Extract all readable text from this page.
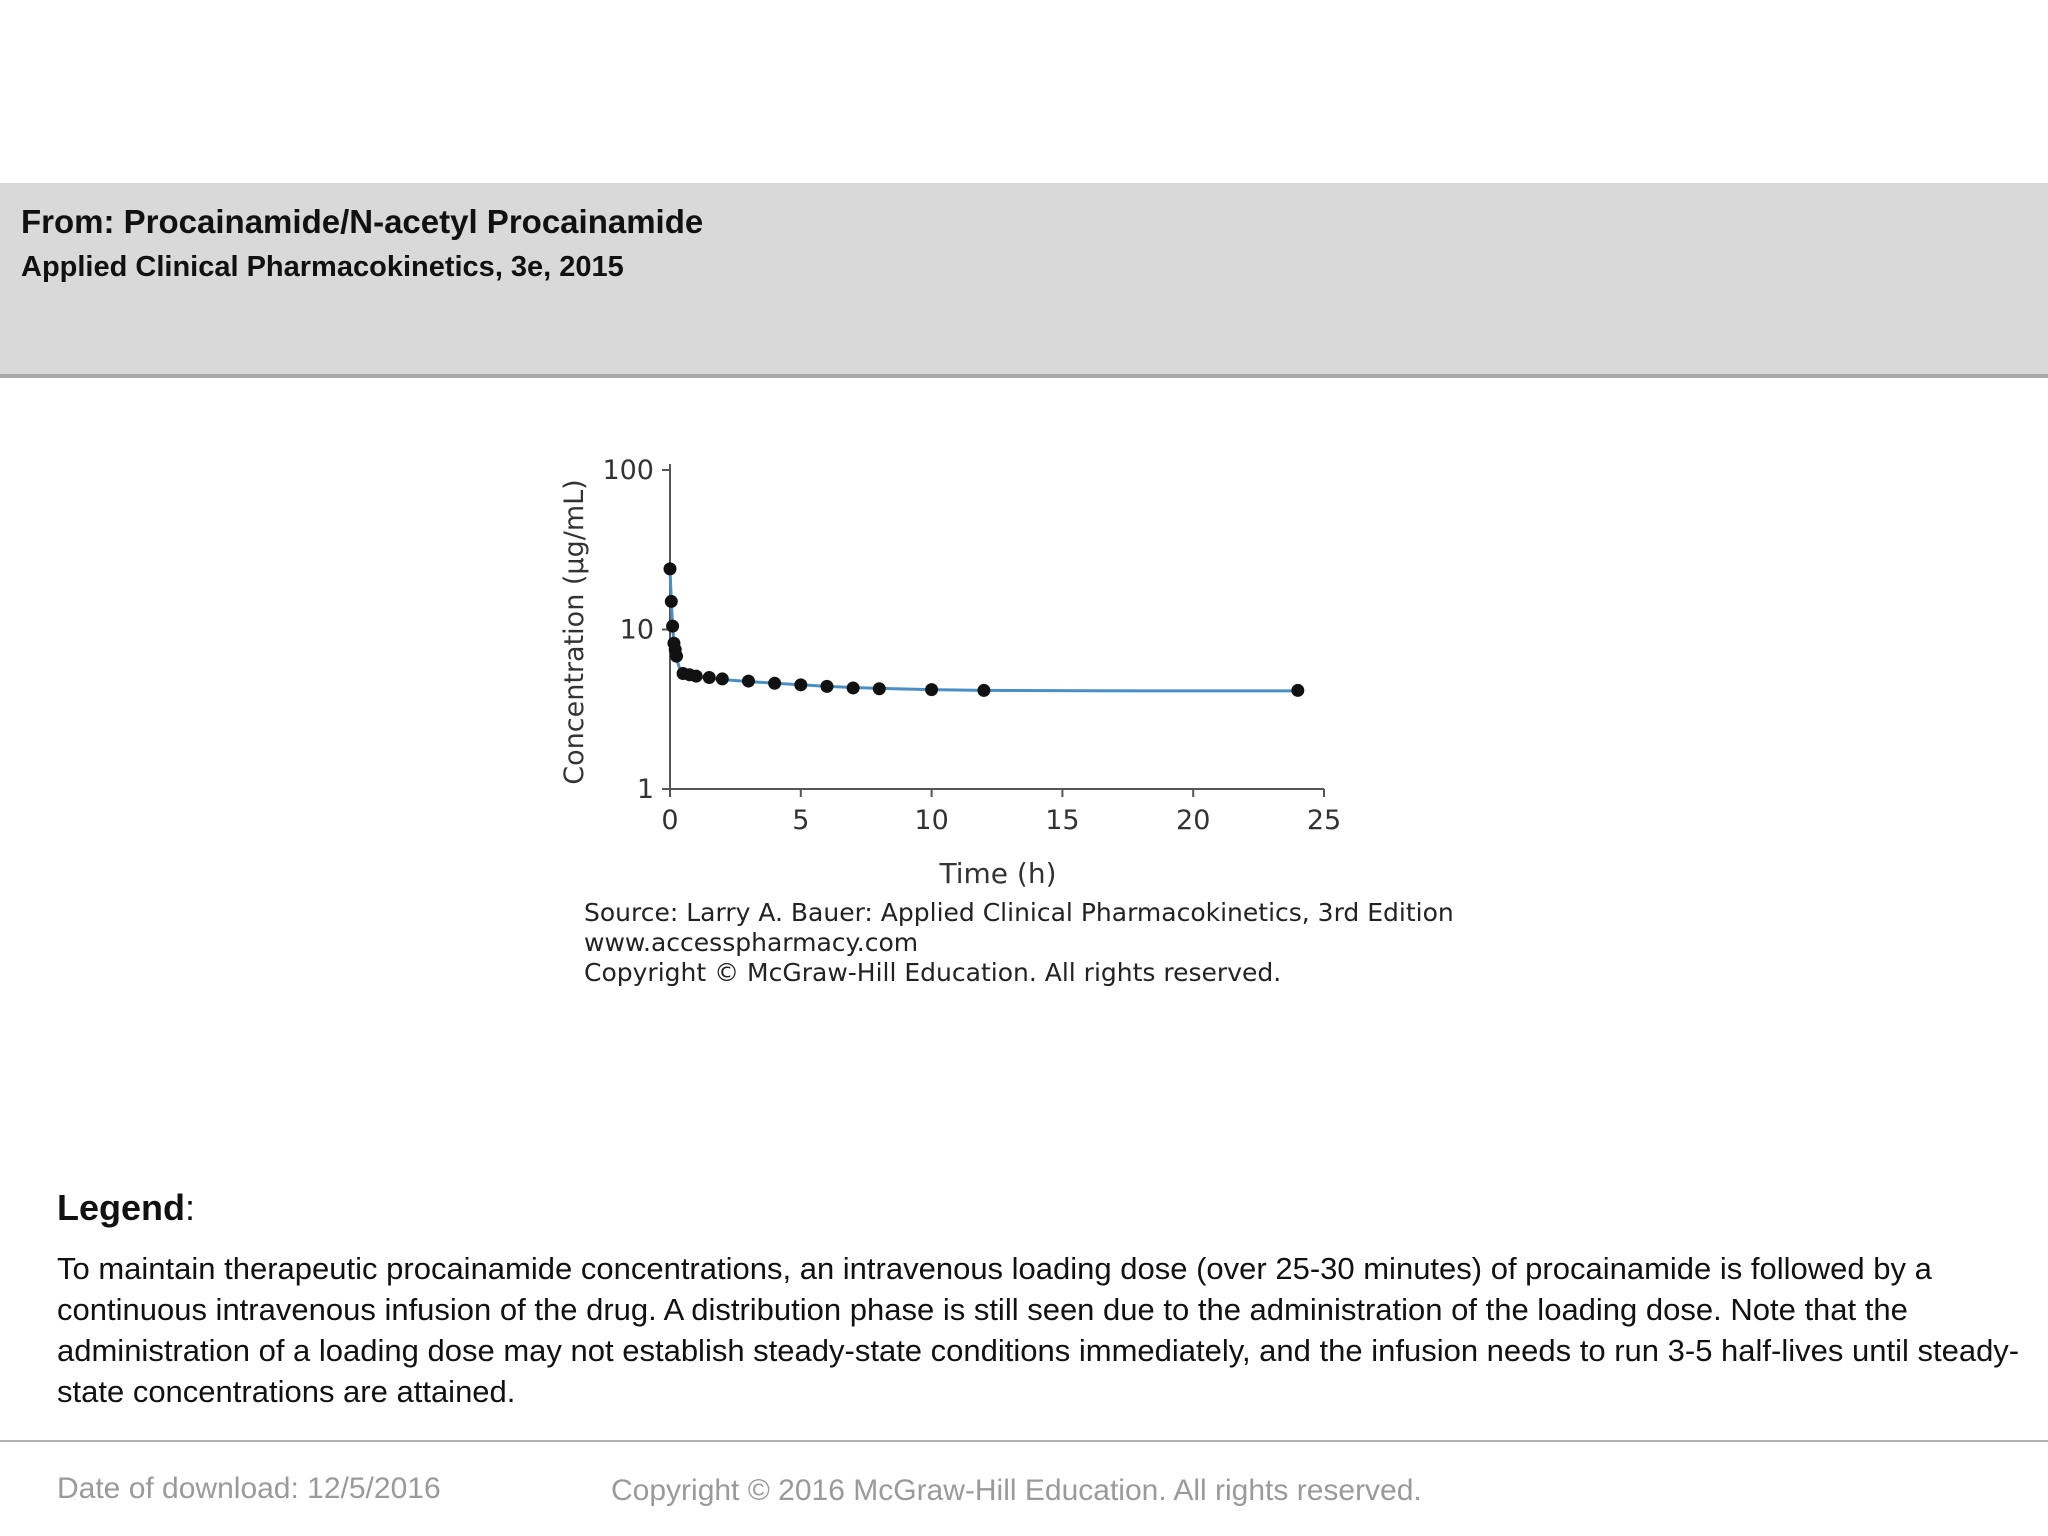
From: Procainamide/N-acetyl Procainamide
Applied Clinical Pharmacokinetics, 3e, 2015
0	5	10	15	20	25
1
10
100
Time (h)
Concentration (µg/mL)
Source: Larry A. Bauer: Applied Clinical Pharmacokinetics, 3rd Edition
www.accesspharmacy.com
Copyright © McGraw-Hill Education. All rights reserved.
Legend:
To maintain therapeutic procainamide concentrations, an intravenous loading dose (over 25-30 minutes) of procainamide is followed by a continuous intravenous infusion of the drug. A distribution phase is still seen due to the administration of the loading dose. Note that the administration of a loading dose may not establish steady-state conditions immediately, and the infusion needs to run 3-5 half-lives until steady-state concentrations are attained.
Date of download: 12/5/2016	Copyright © 2016 McGraw-Hill Education. All rights reserved.
